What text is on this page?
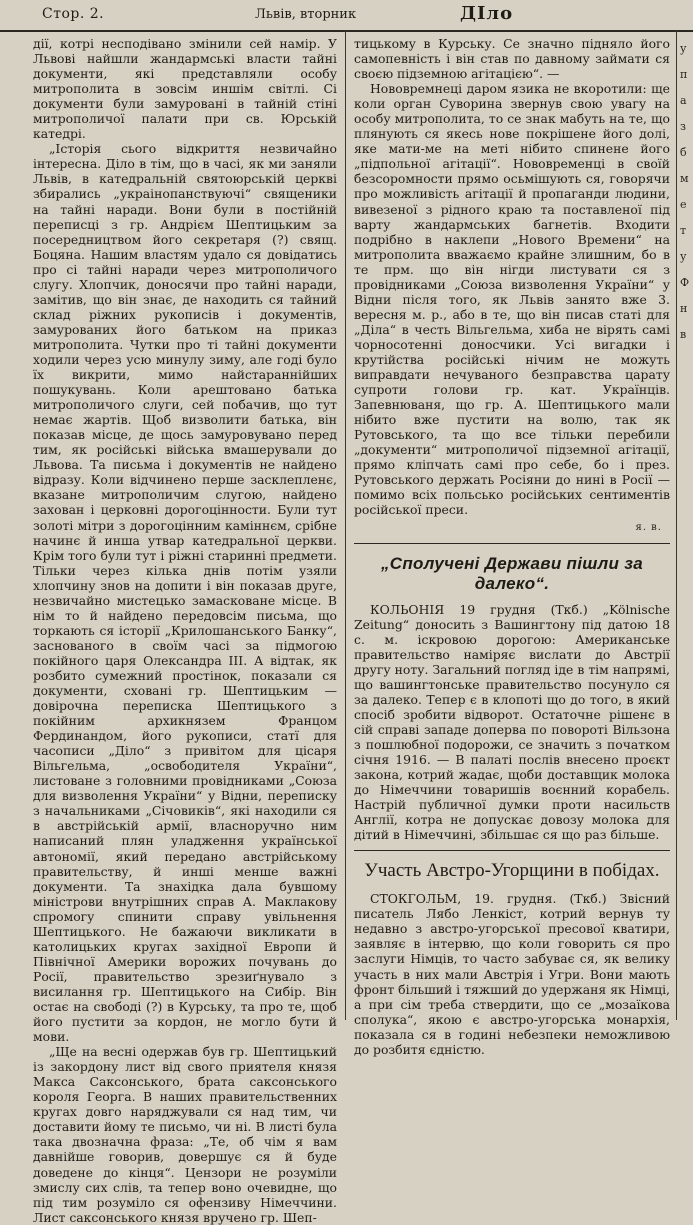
Стор. 2.	Львів, вторник	ДІло

дії, котрі несподівано змінили сей намір. У Львові найшли жандармські власти тайні документи, які представляли особу митрополита в зовсім иншім світлі. Сі документи були замуровані в тайній стіні митрополичої палати при св. Юрській катедрі.

„Історія сього відкриття незвичайно інтересна. Діло в тім, що в часі, як ми заняли Львів, в катедральній святоюрській церкві збирались „украінопанствуючі“ священики на тайні наради. Вони були в постійній переписці з гр. Андрієм Шептицьким за посередництвом його секретаря (?) свящ. Боцяна. Нашим властям удало ся довідатись про сі тайні наради через митрополичого слугу. Хлопчик, доносячи про тайні наради, замітив, що він знає, де находить ся тайний склад ріжних рукописів і документів, замурованих його батьком на приказ митрополита. Чутки про ті тайні документи ходили через усю минулу зиму, але годі було їх викрити, мимо найстараннійших пошукувань. Коли арештовано батька митрополичого слуги, сей побачив, що тут немає жартів. Щоб визволити батька, він показав місце, де щось замуровувано перед тим, як російські війська вмашерували до Львова. Та письма і документів не найдено відразу. Коли відчинено перше засклепленє, вказане митрополичим слугою, найдено захован і церковні дорогоцінности. Були тут золоті мітри з дорогоцінним каміннєм, срібне начинє й инша утвар катедральної церкви. Крім того були тут і ріжні старинні предмети. Тільки через кілька днів потім узяли хлопчину знов на допити і він показав друге, незвичайно мистецько замасковане місце. В нім то й найдено передовсім письма, що торкають ся історії „Крилошанського Банку“, заснованого в своїм часі за підмогою покійного царя Олександра ІІІ. А відтак, як розбито сумежний простінок, показали ся документи, сховані гр. Шептицьким — довірочна переписка Шептицького з покійним архикнязем Францом Фердинандом, його рукописи, статї для часописи „Діло“ з привітом для цісаря Вільгельма, „освободителя України“, листоване з головними провідниками „Союза для визволення України“ у Відни, переписку з начальниками „Січовиків“, які находили ся в австрійській армії, власноручно ним написаний плян уладження української автономії, який передано австрійському правительству, й инші менше важні документи. Та знахідка дала бувшому міністрови внутрішних справ А. Маклакову спромогу спинити справу увільнення Шептицького. Не бажаючи викликати в католицьких кругах західної Европи й Північної Америки ворожих почувань до Росії, правительство зрезиґнувало з висилання гр. Шептицького на Сибір. Він остає на свободі (?) в Курську, та про те, щоб його пустити за кордон, не могло бути й мови.

„Ще на весні одержав був гр. Шептицький із закордону лист від свого приятеля князя Макса Саксонського, брата саксонського короля Георга. В наших правительственних кругах довго наряджували ся над тим, чи доставити йому те письмо, чи ні. В листі була така двозначна фраза: „Те, об чім я вам давнійше говорив, довершує ся й буде доведене до кінця“. Цензори не розуміли змислу сих слів, та тепер воно очевидне, що під тим розуміло ся офензиву Німеччини. Лист саксонського князя вручено гр. Шеп-

тицькому в Курську. Се значно підняло його самопевність і він став по давному займати ся своєю підземною агітацією“. —

Нововремнеці даром язика не вкоротили: ще коли орган Суворина звернув свою увагу на особу митрополита, то се знак мабуть на те, що плянують ся якесь нове покрішене його долі, яке мати-ме на меті нібито спинене його „підпольної агітації“. Нововременці в своїй безсоромности прямо осьмішують ся, говорячи про можливість агітації й пропаганди людини, вивезеної з рідного краю та поставленої під варту жандармських багнетів. Входити подрібно в наклепи „Нового Времени“ на митрополита вважаємо крайне злишним, бо в те прм. що він нігди листувати ся з провідниками „Союза визволення України“ у Відни після того, як Львів занято вже 3. вересня м. р., або в те, що він писав статі для „Діла“ в честь Вільгельма, хиба не вірять самі чорносотенні доносчики. Усі вигадки і крутійства російські нічим не можуть виправдати нечуваного безправства царату супроти голови гр. кат. Українців. Запевнюваня, що гр. А. Шептицького мали нібито вже пустити на волю, так як Рутовського, та що все тільки перебили „документи“ митрополичої підземної агітації, прямо кліпчать самі про себе, бо і през. Рутовського держать Росіяни до нині в Росії — помимо всіх польсько російських сентиментів російської преси.

я. в.
„Сполучені Держави пішли за далеко“.

КОЛЬОНІЯ 19 грудня (Ткб.) „Kölnische Zeitung“ доносить з Вашингтону під датою 18 с. м. іскровою дорогою: Американське правительство наміряє вислати до Австрії другу ноту. Загальний погляд іде в тім напрямі, що вашингтонське правительство посунуло ся за далеко. Тепер є в клопоті що до того, в який спосіб зробити відворот. Остаточне рішенє в сій справі западе доперва по повороті Вільзона з пошлюбної подорожи, се значить з початком січня 1916. — В палаті послів внесено проєкт закона, котрий жадає, щоби доставщик молока до Німеччини товаришів воєнний корабель. Настрій публичної думки проти насильств Англії, котра не допускає довозу молока для дітий в Німеччині, збільшає ся що раз більше.

Участь Австро-Угорщини в побідах.

СТОКГОЛЬМ, 19. грудня. (Ткб.) Звісний писатель Лябо Ленкіст, котрий вернув ту недавно з австро-угорської пресової кватири, заявляє в інтервю, що коли говорить ся про заслуги Німців, то часто забуває ся, як велику участь в них мали Австрія і Угри. Вони мають фронт більший і тяжший до удержаня як Німці, а при сім треба ствердити, що се „мозаїкова сполука“, якою є австро-угорська монархія, показала ся в годині небезпеки неможливою до розбитя єдністю.

у
п
а
з
б
м
е
т
у
Ф
н
в
